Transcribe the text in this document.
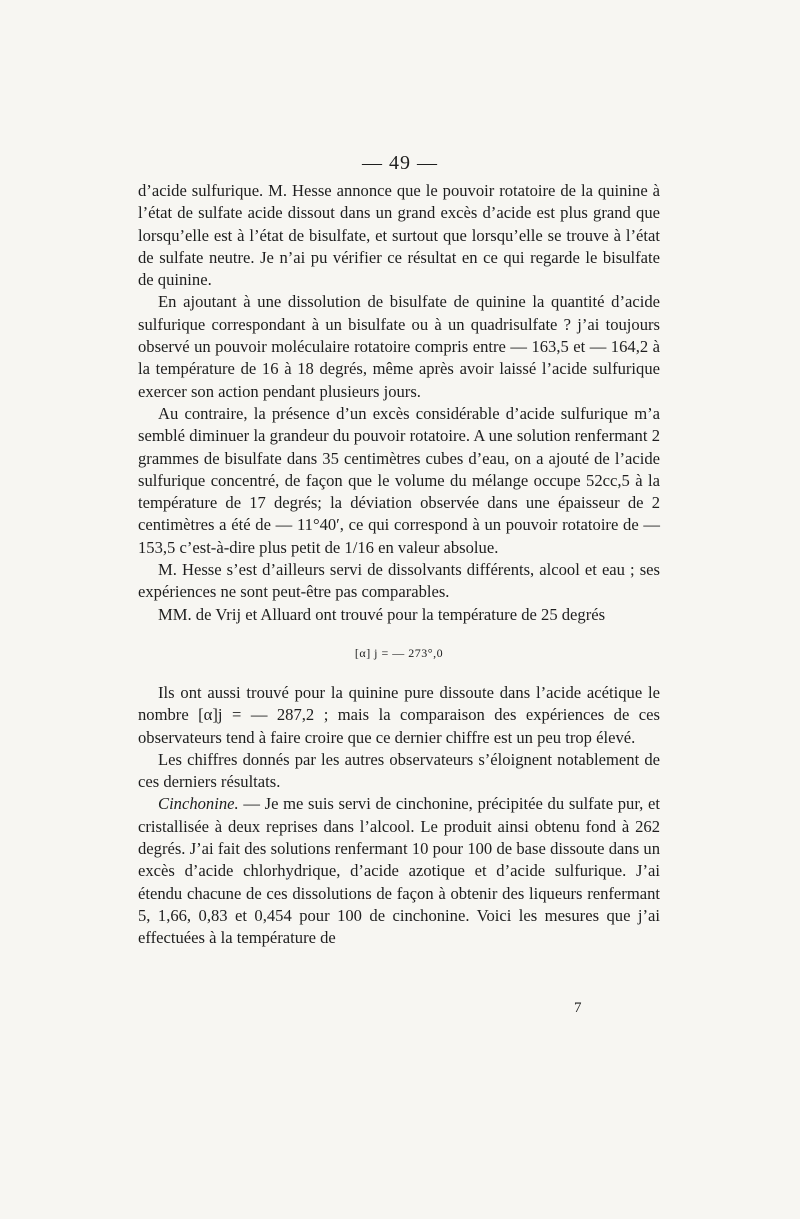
— 49 —

d’acide sulfurique. M. Hesse annonce que le pouvoir rotatoire de la quinine à l’état de sulfate acide dissout dans un grand excès d’acide est plus grand que lorsqu’elle est à l’état de bisulfate, et surtout que lorsqu’elle se trouve à l’état de sulfate neutre. Je n’ai pu vérifier ce résultat en ce qui regarde le bisulfate de quinine.

En ajoutant à une dissolution de bisulfate de quinine la quantité d’acide sulfurique correspondant à un bisulfate ou à un quadrisulfate ? j’ai toujours observé un pouvoir moléculaire rotatoire compris entre — 163,5 et — 164,2 à la température de 16 à 18 degrés, même après avoir laissé l’acide sulfurique exercer son action pendant plusieurs jours.

Au contraire, la présence d’un excès considérable d’acide sulfurique m’a semblé diminuer la grandeur du pouvoir rotatoire. A une solution renfermant 2 grammes de bisulfate dans 35 centimètres cubes d’eau, on a ajouté de l’acide sulfurique concentré, de façon que le volume du mélange occupe 52cc,5 à la température de 17 degrés; la déviation observée dans une épaisseur de 2 centimètres a été de — 11°40′, ce qui correspond à un pouvoir rotatoire de — 153,5 c’est-à-dire plus petit de 1/16 en valeur absolue.

M. Hesse s’est d’ailleurs servi de dissolvants différents, alcool et eau ; ses expériences ne sont peut-être pas comparables.

MM. de Vrij et Alluard ont trouvé pour la température de 25 degrés

[α] j = — 273°,0

Ils ont aussi trouvé pour la quinine pure dissoute dans l’acide acétique le nombre [α]j = — 287,2 ; mais la comparaison des expériences de ces observateurs tend à faire croire que ce dernier chiffre est un peu trop élevé.

Les chiffres donnés par les autres observateurs s’éloignent notablement de ces derniers résultats.

Cinchonine. — Je me suis servi de cinchonine, précipitée du sulfate pur, et cristallisée à deux reprises dans l’alcool. Le produit ainsi obtenu fond à 262 degrés. J’ai fait des solutions renfermant 10 pour 100 de base dissoute dans un excès d’acide chlorhydrique, d’acide azotique et d’acide sulfurique. J’ai étendu chacune de ces dissolutions de façon à obtenir des liqueurs renfermant 5, 1,66, 0,83 et 0,454 pour 100 de cinchonine. Voici les mesures que j’ai effectuées à la température de

7
